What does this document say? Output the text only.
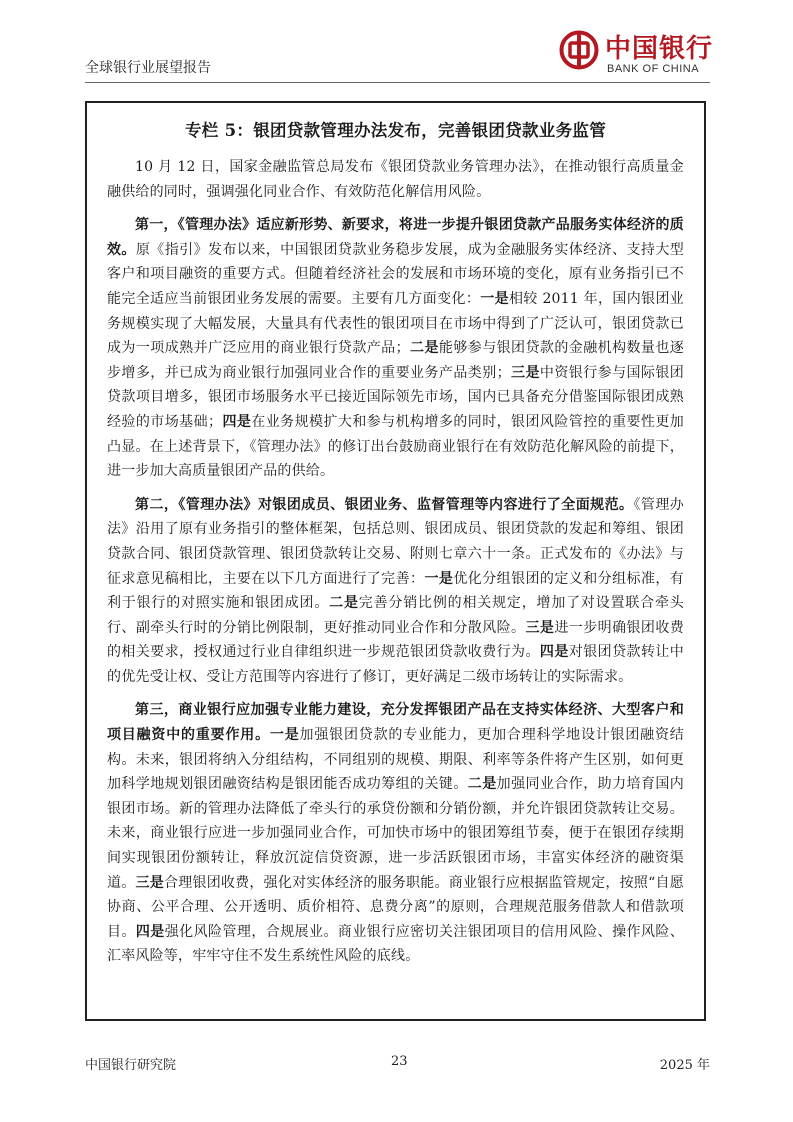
全球银行业展望报告
中国银行
BANK OF CHINA
专栏 5：银团贷款管理办法发布，完善银团贷款业务监管

10 月 12 日，国家金融监管总局发布《银团贷款业务管理办法》，在推动银行高质量金融供给的同时，强调强化同业合作、有效防范化解信用风险。

第一，《管理办法》适应新形势、新要求，将进一步提升银团贷款产品服务实体经济的质效。原《指引》发布以来，中国银团贷款业务稳步发展，成为金融服务实体经济、支持大型客户和项目融资的重要方式。但随着经济社会的发展和市场环境的变化，原有业务指引已不能完全适应当前银团业务发展的需要。主要有几方面变化：一是相较 2011 年，国内银团业务规模实现了大幅发展，大量具有代表性的银团项目在市场中得到了广泛认可，银团贷款已成为一项成熟并广泛应用的商业银行贷款产品；二是能够参与银团贷款的金融机构数量也逐步增多，并已成为商业银行加强同业合作的重要业务产品类别；三是中资银行参与国际银团贷款项目增多，银团市场服务水平已接近国际领先市场，国内已具备充分借鉴国际银团成熟经验的市场基础；四是在业务规模扩大和参与机构增多的同时，银团风险管控的重要性更加凸显。在上述背景下，《管理办法》的修订出台鼓励商业银行在有效防范化解风险的前提下，进一步加大高质量银团产品的供给。

第二，《管理办法》对银团成员、银团业务、监督管理等内容进行了全面规范。《管理办法》沿用了原有业务指引的整体框架，包括总则、银团成员、银团贷款的发起和筹组、银团贷款合同、银团贷款管理、银团贷款转让交易、附则七章六十一条。正式发布的《办法》与征求意见稿相比，主要在以下几方面进行了完善：一是优化分组银团的定义和分组标准，有利于银行的对照实施和银团成团。二是完善分销比例的相关规定，增加了对设置联合牵头行、副牵头行时的分销比例限制，更好推动同业合作和分散风险。三是进一步明确银团收费的相关要求，授权通过行业自律组织进一步规范银团贷款收费行为。四是对银团贷款转让中的优先受让权、受让方范围等内容进行了修订，更好满足二级市场转让的实际需求。

第三，商业银行应加强专业能力建设，充分发挥银团产品在支持实体经济、大型客户和项目融资中的重要作用。一是加强银团贷款的专业能力，更加合理科学地设计银团融资结构。未来，银团将纳入分组结构，不同组别的规模、期限、利率等条件将产生区别，如何更加科学地规划银团融资结构是银团能否成功筹组的关键。二是加强同业合作，助力培育国内银团市场。新的管理办法降低了牵头行的承贷份额和分销份额，并允许银团贷款转让交易。未来，商业银行应进一步加强同业合作，可加快市场中的银团筹组节奏，便于在银团存续期间实现银团份额转让，释放沉淀信贷资源，进一步活跃银团市场，丰富实体经济的融资渠道。三是合理银团收费，强化对实体经济的服务职能。商业银行应根据监管规定，按照“自愿协商、公平合理、公开透明、质价相符、息费分离”的原则，合理规范服务借款人和借款项目。四是强化风险管理，合规展业。商业银行应密切关注银团项目的信用风险、操作风险、汇率风险等，牢牢守住不发生系统性风险的底线。

中国银行研究院	23	2025 年
